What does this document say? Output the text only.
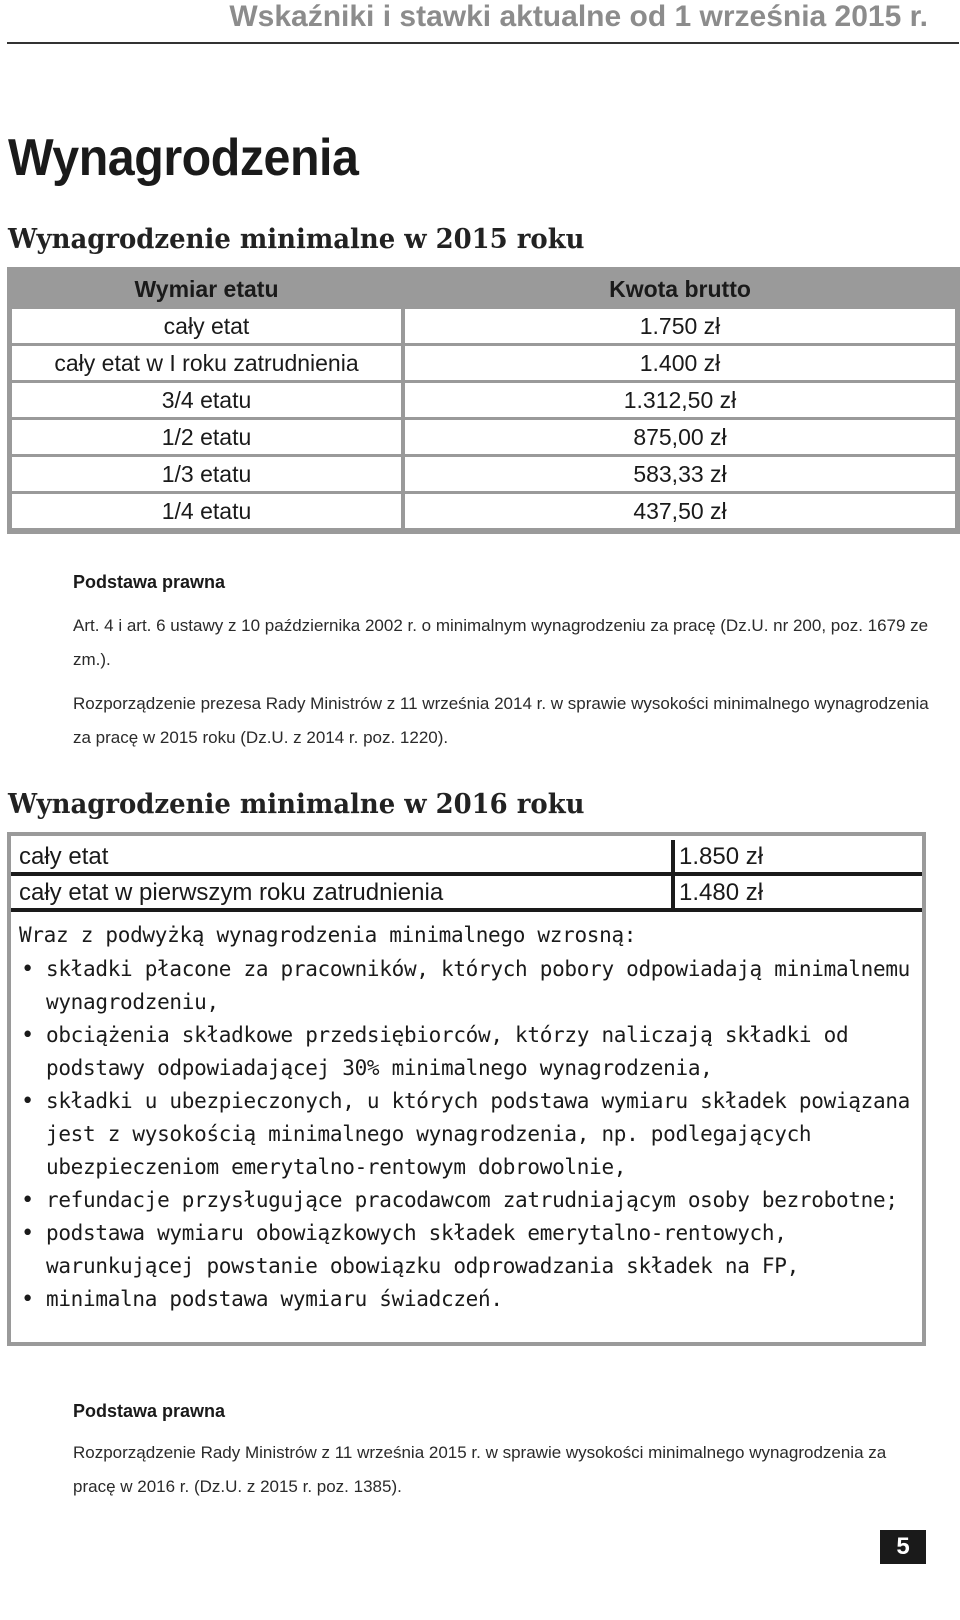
Wskaźniki i stawki aktualne od 1 września 2015 r.
Wynagrodzenia
Wynagrodzenie minimalne w 2015 roku
Wymiar etatu	Kwota brutto
cały etat	1.750 zł
cały etat w I roku zatrudnienia	1.400 zł
3/4 etatu	1.312,50 zł
1/2 etatu	875,00 zł
1/3 etatu	583,33 zł
1/4 etatu	437,50 zł
Podstawa prawna

Art. 4 i art. 6 ustawy z 10 października 2002 r. o minimalnym wynagrodzeniu za pracę (Dz.U. nr 200, poz. 1679 ze zm.).

Rozporządzenie prezesa Rady Ministrów z 11 września 2014 r. w sprawie wysokości minimalnego wynagrodzenia za pracę w 2015 roku (Dz.U. z 2014 r. poz. 1220).

Wynagrodzenie minimalne w 2016 roku
cały etat	1.850 zł
cały etat w pierwszym roku zatrudnienia	1.480 zł
Wraz z podwyżką wynagrodzenia minimalnego wzrosną:
• składki płacone za pracowników, których pobory odpowiadają minimalnemu wynagrodzeniu,
• obciążenia składkowe przedsiębiorców, którzy naliczają składki od podstawy odpowiadającej 30% minimalnego wynagrodzenia,
• składki u ubezpieczonych, u których podstawa wymiaru składek powiązana jest z wysokością minimalnego wynagrodzenia, np. podlegających ubezpieczeniom emerytalno-rentowym dobrowolnie,
• refundacje przysługujące pracodawcom zatrudniającym osoby bezrobotne;
• podstawa wymiaru obowiązkowych składek emerytalno-rentowych, warunkującej powstanie obowiązku odprowadzania składek na FP,
• minimalna podstawa wymiaru świadczeń.
Podstawa prawna

Rozporządzenie Rady Ministrów z 11 września 2015 r. w sprawie wysokości minimalnego wynagrodzenia za pracę w 2016 r. (Dz.U. z 2015 r. poz. 1385).

5
